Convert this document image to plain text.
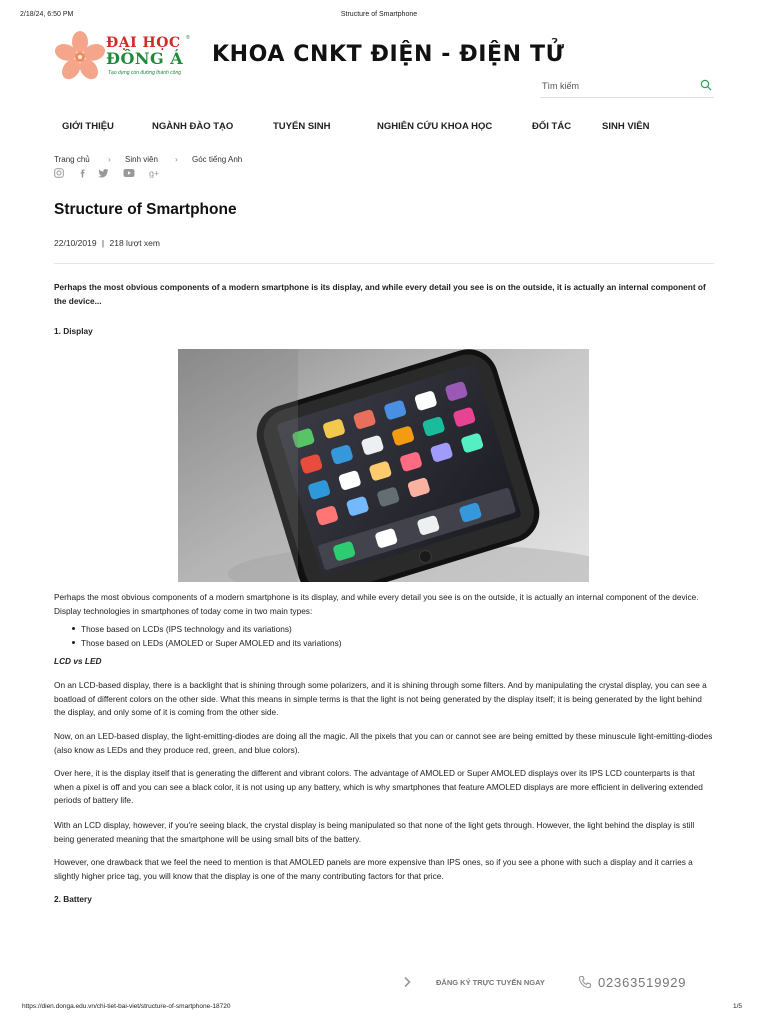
2/18/24, 6:50 PM	Structure of Smartphone
ĐẠI HỌC ®
ĐÔNG Á
Tạo dựng con đường thành công
KHOA CNKT ĐIỆN - ĐIỆN TỬ
Tìm kiếm
GIỚI THIỆU	NGÀNH ĐÀO TẠO	TUYỂN SINH	NGHIÊN CỨU KHOA HỌC	ĐỐI TÁC	SINH VIÊN
Trang chủ › Sinh viên › Góc tiếng Anh
g+
Structure of Smartphone
22/10/2019 | 218 lượt xem

Perhaps the most obvious components of a modern smartphone is its display, and while every detail you see is on the outside, it is actually an internal component of the device...

1. Display

Perhaps the most obvious components of a modern smartphone is its display, and while every detail you see is on the outside, it is actually an internal component of the device. Display technologies in smartphones of today come in two main types:

Those based on LCDs (IPS technology and its variations)
Those based on LEDs (AMOLED or Super AMOLED and its variations)

LCD vs LED

On an LCD-based display, there is a backlight that is shining through some polarizers, and it is shining through some filters. And by manipulating the crystal display, you can see a boatload of different colors on the other side. What this means in simple terms is that the light is not being generated by the display itself; it is being generated by the light behind the display, and only some of it is coming from the other side.

Now, on an LED-based display, the light-emitting-diodes are doing all the magic. All the pixels that you can or cannot see are being emitted by these minuscule light-emitting-diodes (also know as LEDs and they produce red, green, and blue colors).

Over here, it is the display itself that is generating the different and vibrant colors. The advantage of AMOLED or Super AMOLED displays over its IPS LCD counterparts is that when a pixel is off and you can see a black color, it is not using up any battery, which is why smartphones that feature AMOLED displays are more efficient in delivering extended periods of battery life.

With an LCD display, however, if you're seeing black, the crystal display is being manipulated so that none of the light gets through. However, the light behind the display is still being generated meaning that the smartphone will be using small bits of the battery.

However, one drawback that we feel the need to mention is that AMOLED panels are more expensive than IPS ones, so if you see a phone with such a display and it carries a slightly higher price tag, you will know that the display is one of the many contributing factors for that price.

2. Battery

ĐĂNG KÝ TRỰC TUYẾN NGAY	02363519929
https://dien.donga.edu.vn/chi-tiet-bai-viet/structure-of-smartphone-18720	1/5
